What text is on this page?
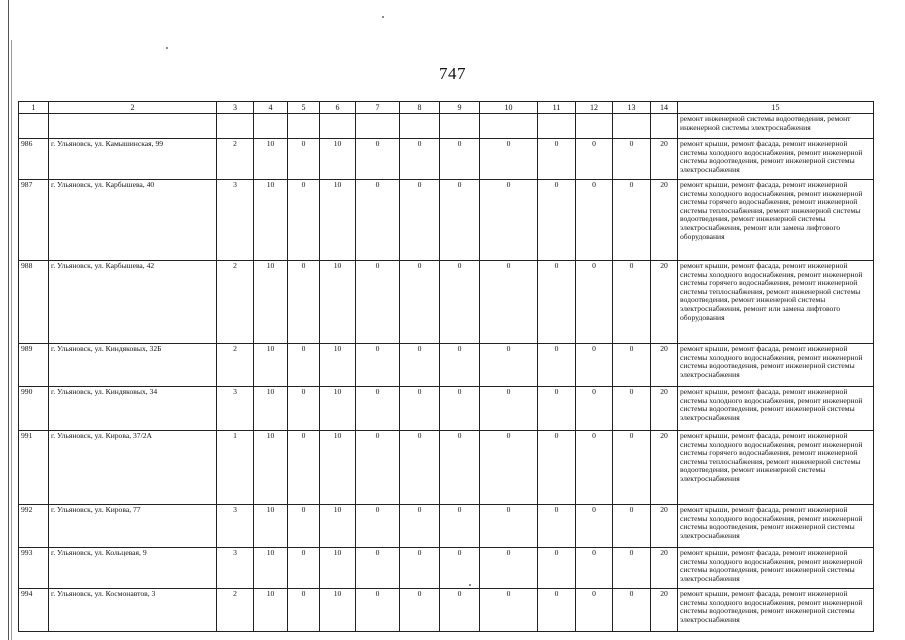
747
1	2	3	4	5	6	7	8	9	10	11	12	13	14	15
														ремонт инженерной системы водоотведения, ремонт инженерной системы электроснабжения
986	г. Ульяновск, ул. Камышинская, 99	2	10	0	10	0	0	0	0	0	0	0	20	ремонт крыши, ремонт фасада, ремонт инженерной системы холодного водоснабжения, ремонт инженерной системы водоотведения, ремонт инженерной системы электроснабжения
987	г. Ульяновск, ул. Карбышева, 40	3	10	0	10	0	0	0	0	0	0	0	20	ремонт крыши, ремонт фасада, ремонт инженерной системы холодного водоснабжения, ремонт инженерной системы горячего водоснабжения, ремонт инженерной системы теплоснабжения, ремонт инженерной системы водоотведения, ремонт инженерной системы электроснабжения, ремонт или замена лифтового оборудования
988	г. Ульяновск, ул. Карбышева, 42	2	10	0	10	0	0	0	0	0	0	0	20	ремонт крыши, ремонт фасада, ремонт инженерной системы холодного водоснабжения, ремонт инженерной системы горячего водоснабжения, ремонт инженерной системы теплоснабжения, ремонт инженерной системы водоотведения, ремонт инженерной системы электроснабжения, ремонт или замена лифтового оборудования
989	г. Ульяновск, ул. Киндяковых, 32Б	2	10	0	10	0	0	0	0	0	0	0	20	ремонт крыши, ремонт фасада, ремонт инженерной системы холодного водоснабжения, ремонт инженерной системы водоотведения, ремонт инженерной системы электроснабжения
990	г. Ульяновск, ул. Киндяковых, 34	3	10	0	10	0	0	0	0	0	0	0	20	ремонт крыши, ремонт фасада, ремонт инженерной системы холодного водоснабжения, ремонт инженерной системы водоотведения, ремонт инженерной системы электроснабжения
991	г. Ульяновск, ул. Кирова, 37/2А	1	10	0	10	0	0	0	0	0	0	0	20	ремонт крыши, ремонт фасада, ремонт инженерной системы холодного водоснабжения, ремонт инженерной системы горячего водоснабжения, ремонт инженерной системы теплоснабжения, ремонт инженерной системы водоотведения, ремонт инженерной системы электроснабжения
992	г. Ульяновск, ул. Кирова, 77	3	10	0	10	0	0	0	0	0	0	0	20	ремонт крыши, ремонт фасада, ремонт инженерной системы холодного водоснабжения, ремонт инженерной системы водоотведения, ремонт инженерной системы электроснабжения
993	г. Ульяновск, ул. Кольцевая, 9	3	10	0	10	0	0	0	0	0	0	0	20	ремонт крыши, ремонт фасада, ремонт инженерной системы холодного водоснабжения, ремонт инженерной системы водоотведения, ремонт инженерной системы электроснабжения
994	г. Ульяновск, ул. Космонавтов, 3	2	10	0	10	0	0	0	0	0	0	0	20	ремонт крыши, ремонт фасада, ремонт инженерной системы холодного водоснабжения, ремонт инженерной системы водоотведения, ремонт инженерной системы электроснабжения
